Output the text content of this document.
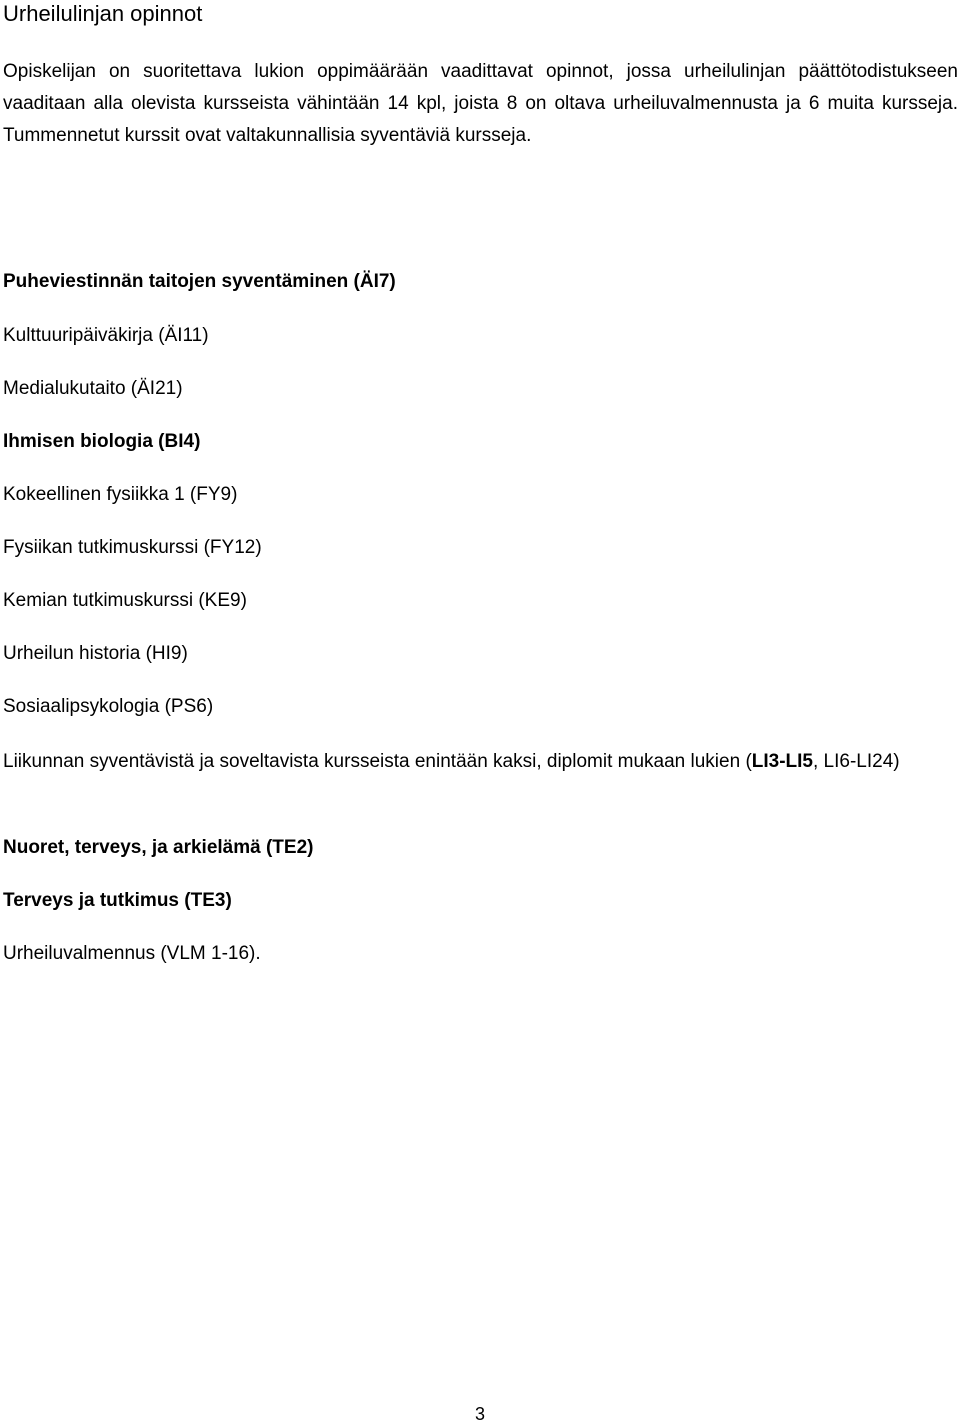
Urheilulinjan opinnot

Opiskelijan on suoritettava lukion oppimäärään vaadittavat opinnot, jossa urheilulinjan päättötodistukseen vaaditaan alla olevista kursseista vähintään 14 kpl, joista 8 on oltava urheiluvalmennusta ja 6 muita kursseja. Tummennetut kurssit ovat valtakunnallisia syventäviä kursseja.

Puheviestinnän taitojen syventäminen (ÄI7)

Kulttuuripäiväkirja (ÄI11)

Medialukutaito (ÄI21)

Ihmisen biologia (BI4)

Kokeellinen fysiikka 1 (FY9)

Fysiikan tutkimuskurssi (FY12)

Kemian tutkimuskurssi (KE9)

Urheilun historia (HI9)

Sosiaalipsykologia (PS6)

Liikunnan syventävistä ja soveltavista kursseista enintään kaksi, diplomit mukaan lukien (LI3-LI5, LI6-LI24)

Nuoret, terveys, ja arkielämä (TE2)

Terveys ja tutkimus (TE3)

Urheiluvalmennus (VLM 1-16).

3
